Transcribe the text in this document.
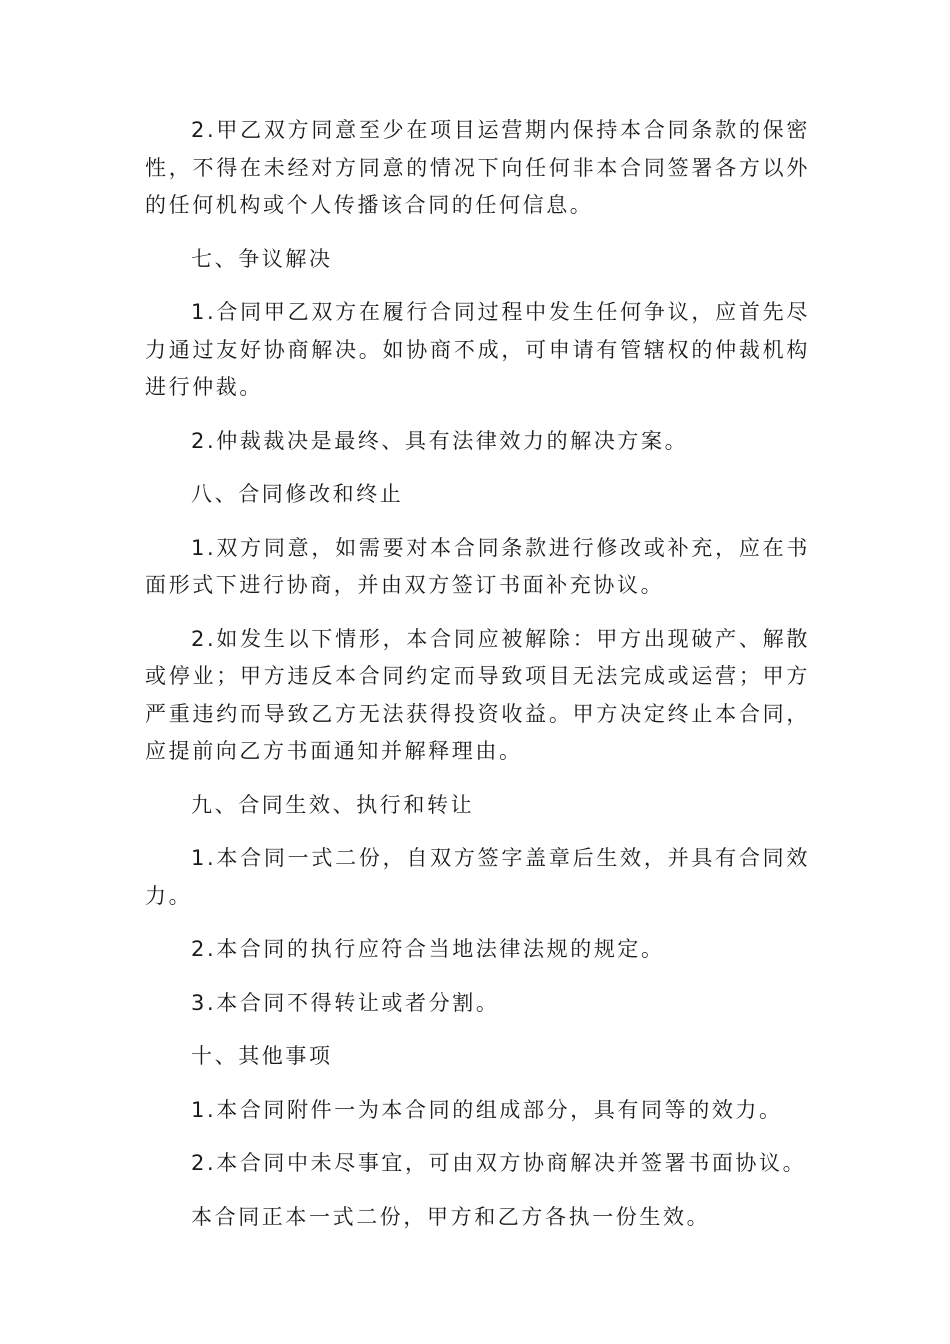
2.甲乙双方同意至少在项目运营期内保持本合同条款的保密性，不得在未经对方同意的情况下向任何非本合同签署各方以外的任何机构或个人传播该合同的任何信息。

七、争议解决

1.合同甲乙双方在履行合同过程中发生任何争议，应首先尽力通过友好协商解决。如协商不成，可申请有管辖权的仲裁机构进行仲裁。

2.仲裁裁决是最终、具有法律效力的解决方案。

八、合同修改和终止

1.双方同意，如需要对本合同条款进行修改或补充，应在书面形式下进行协商，并由双方签订书面补充协议。

2.如发生以下情形，本合同应被解除：甲方出现破产、解散或停业；甲方违反本合同约定而导致项目无法完成或运营；甲方严重违约而导致乙方无法获得投资收益。甲方决定终止本合同，应提前向乙方书面通知并解释理由。

九、合同生效、执行和转让

1.本合同一式二份，自双方签字盖章后生效，并具有合同效力。

2.本合同的执行应符合当地法律法规的规定。

3.本合同不得转让或者分割。

十、其他事项

1.本合同附件一为本合同的组成部分，具有同等的效力。

2.本合同中未尽事宜，可由双方协商解决并签署书面协议。

本合同正本一式二份，甲方和乙方各执一份生效。
